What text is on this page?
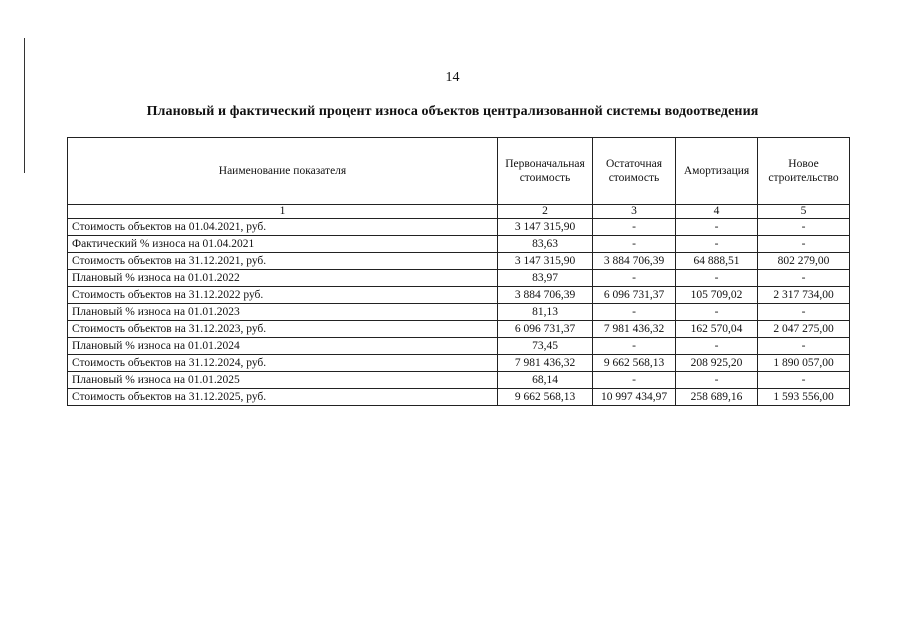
14
Плановый и фактический процент износа объектов централизованной системы водоотведения
Наименование показателя	Первоначальная стоимость	Остаточная стоимость	Амортизация	Новое строительство
1	2	3	4	5
Стоимость объектов на 01.04.2021, руб.	3 147 315,90	-	-	-
Фактический % износа на 01.04.2021	83,63	-	-	-
Стоимость объектов на 31.12.2021, руб.	3 147 315,90	3 884 706,39	64 888,51	802 279,00
Плановый % износа на 01.01.2022	83,97	-	-	-
Стоимость объектов на 31.12.2022 руб.	3 884 706,39	6 096 731,37	105 709,02	2 317 734,00
Плановый % износа на 01.01.2023	81,13	-	-	-
Стоимость объектов на 31.12.2023, руб.	6 096 731,37	7 981 436,32	162 570,04	2 047 275,00
Плановый % износа на 01.01.2024	73,45	-	-	-
Стоимость объектов на 31.12.2024, руб.	7 981 436,32	9 662 568,13	208 925,20	1 890 057,00
Плановый % износа на 01.01.2025	68,14	-	-	-
Стоимость объектов на 31.12.2025, руб.	9 662 568,13	10 997 434,97	258 689,16	1 593 556,00
